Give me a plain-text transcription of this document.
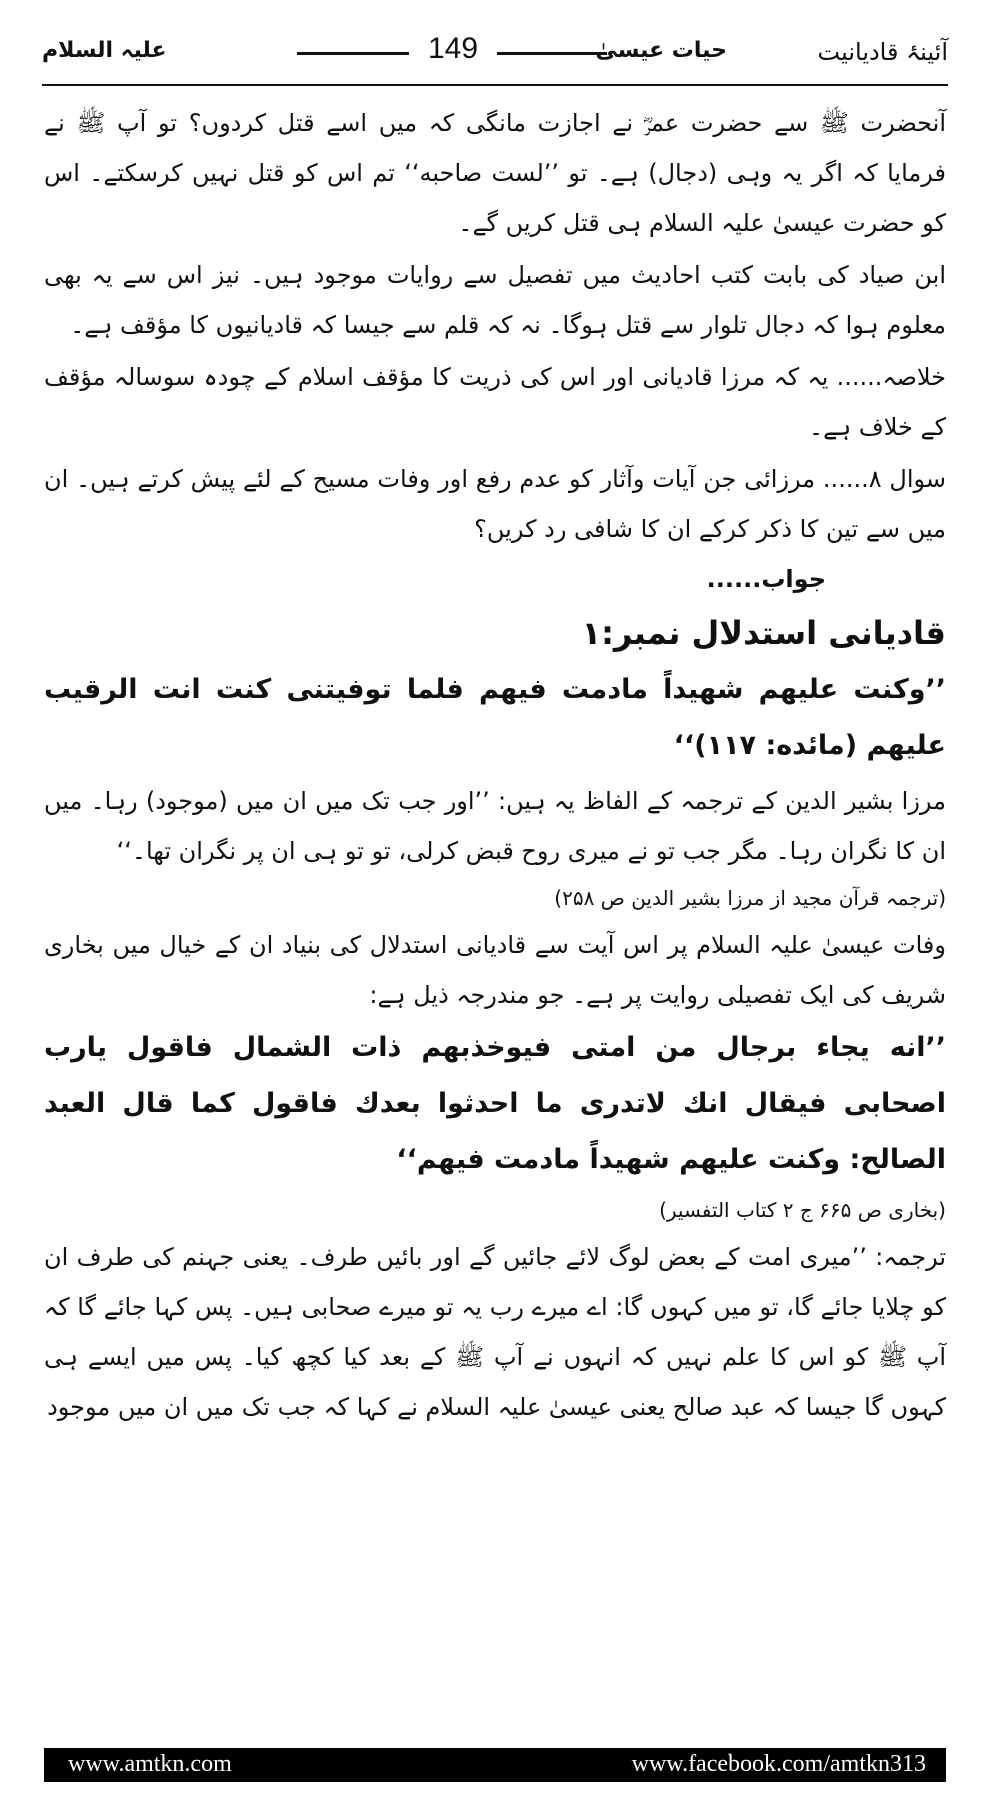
علیہ السلام	149	حیات عیسیٰ	آئینۂ قادیانیت

آنحضرت ﷺ سے حضرت عمرؓ نے اجازت مانگی کہ میں اسے قتل کردوں؟ تو آپ ﷺ نے فرمایا کہ اگر یہ وہی (دجال) ہے۔ تو ’’لست صاحبه‘‘ تم اس کو قتل نہیں کرسکتے۔ اس کو حضرت عیسیٰ علیہ السلام ہی قتل کریں گے۔

ابن صیاد کی بابت کتب احادیث میں تفصیل سے روایات موجود ہیں۔ نیز اس سے یہ بھی معلوم ہوا کہ دجال تلوار سے قتل ہوگا۔ نہ کہ قلم سے جیسا کہ قادیانیوں کا مؤقف ہے۔

خلاصہ...... یہ کہ مرزا قادیانی اور اس کی ذریت کا مؤقف اسلام کے چودہ سوسالہ مؤقف کے خلاف ہے۔

سوال ۸...... مرزائی جن آیات وآثار کو عدم رفع اور وفات مسیح کے لئے پیش کرتے ہیں۔ ان میں سے تین کا ذکر کرکے ان کا شافی رد کریں؟

جواب......

قادیانی استدلال نمبر:۱

’’وکنت علیهم شهیداً مادمت فیهم فلما توفیتنی کنت انت الرقیب علیهم (مائده: ۱۱۷)‘‘

مرزا بشیر الدین کے ترجمہ کے الفاظ یہ ہیں: ’’اور جب تک میں ان میں (موجود) رہا۔ میں ان کا نگران رہا۔ مگر جب تو نے میری روح قبض کرلی، تو تو ہی ان پر نگران تھا۔‘‘

(ترجمہ قرآن مجید از مرزا بشیر الدین ص ۲۵۸)

وفات عیسیٰ علیہ السلام پر اس آیت سے قادیانی استدلال کی بنیاد ان کے خیال میں بخاری شریف کی ایک تفصیلی روایت پر ہے۔ جو مندرجہ ذیل ہے:

’’انه یجاء برجال من امتی فیوخذبهم ذات الشمال فاقول یارب اصحابی فیقال انك لاتدری ما احدثوا بعدك فاقول کما قال العبد الصالح: وکنت علیهم شهیداً مادمت فیهم‘‘

(بخاری ص ۶۶۵ ج ۲ کتاب التفسیر)

ترجمہ: ’’میری امت کے بعض لوگ لائے جائیں گے اور بائیں طرف۔ یعنی جہنم کی طرف ان کو چلایا جائے گا، تو میں کہوں گا: اے میرے رب یہ تو میرے صحابی ہیں۔ پس کہا جائے گا کہ آپ ﷺ کو اس کا علم نہیں کہ انہوں نے آپ ﷺ کے بعد کیا کچھ کیا۔ پس میں ایسے ہی کہوں گا جیسا کہ عبد صالح یعنی عیسیٰ علیہ السلام نے کہا کہ جب تک میں ان میں موجود

www.amtkn.com	www.facebook.com/amtkn313
